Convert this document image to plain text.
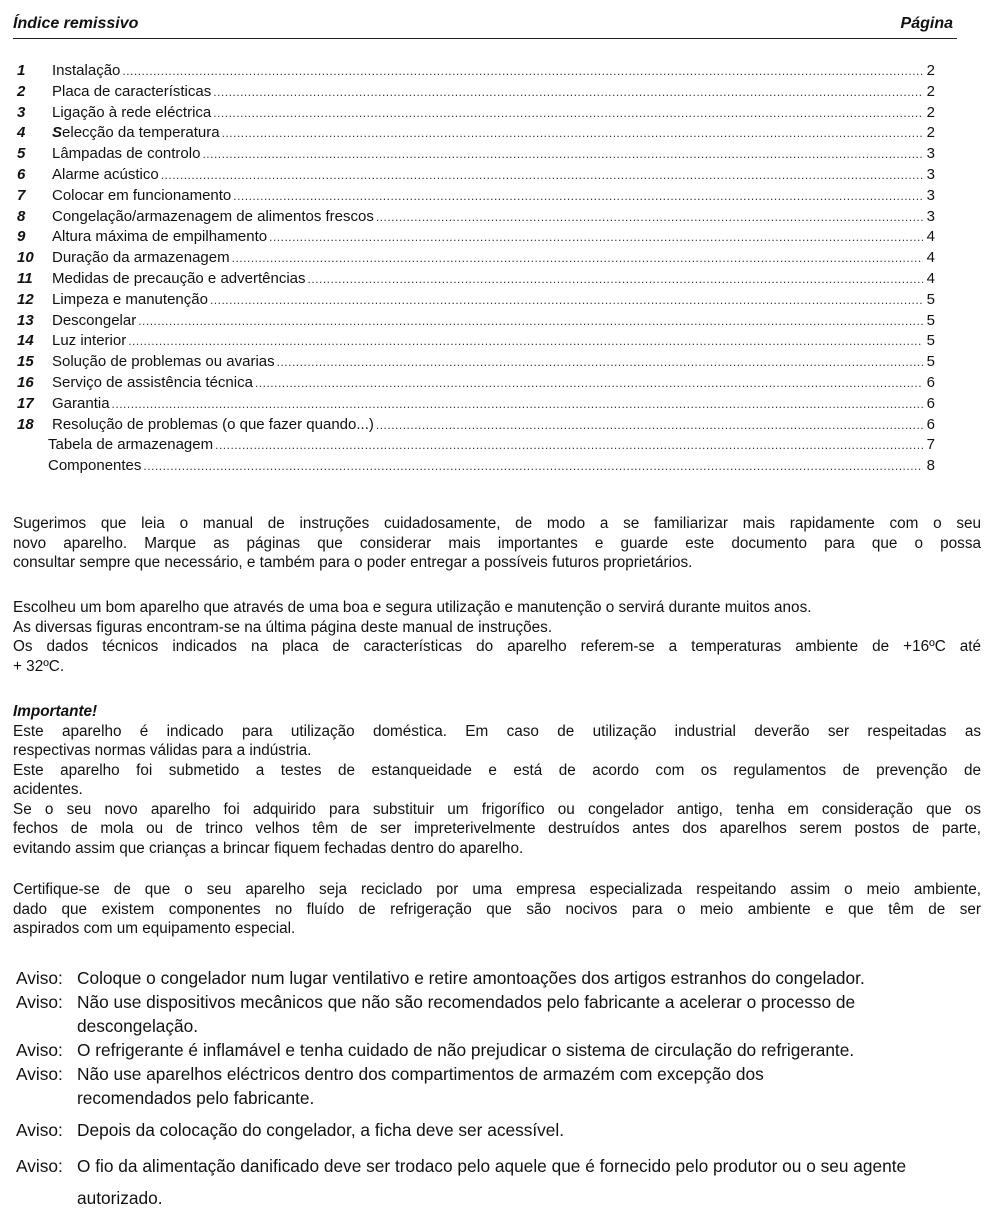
Índice remissivo	Página
1	Instalação .....	2
2	Placa de características .....	2
3	Ligação à rede eléctrica .....	2
4	Selecção da temperatura .....	2
5	Lâmpadas de controlo .....	3
6	Alarme acústico .....	3
7	Colocar em funcionamento .....	3
8	Congelação/armazenagem de alimentos frescos .....	3
9	Altura máxima de empilhamento .....	4
10	Duração da armazenagem .....	4
11	Medidas de precaução e advertências .....	4
12	Limpeza e manutenção .....	5
13	Descongelar .....	5
14	Luz interior .....	5
15	Solução de problemas ou avarias .....	5
16	Serviço de assistência técnica .....	6
17	Garantia .....	6
18	Resolução de problemas (o que fazer quando...) .....	6
Tabela de armazenagem .....	7
Componentes .....	8

Sugerimos que leia o manual de instruções cuidadosamente, de modo a se familiarizar mais rapidamente com o seu
novo aparelho. Marque as páginas que considerar mais importantes e guarde este documento para que o possa
consultar sempre que necessário, e também para o poder entregar a possíveis futuros proprietários.

Escolheu um bom aparelho que através de uma boa e segura utilização e manutenção o servirá durante muitos anos.
As diversas figuras encontram-se na última página deste manual de instruções.
Os dados técnicos indicados na placa de características do aparelho referem-se a temperaturas ambiente de +16ºC até
+ 32ºC.

Importante!
Este aparelho é indicado para utilização doméstica. Em caso de utilização industrial deverão ser respeitadas as
respectivas normas válidas para a indústria.
Este aparelho foi submetido a testes de estanqueidade e está de acordo com os regulamentos de prevenção de
acidentes.
Se o seu novo aparelho foi adquirido para substituir um frigorífico ou congelador antigo, tenha em consideração que os
fechos de mola ou de trinco velhos têm de ser impreterivelmente destruídos antes dos aparelhos serem postos de parte,
evitando assim que crianças a brincar fiquem fechadas dentro do aparelho.

Certifique-se de que o seu aparelho seja reciclado por uma empresa especializada respeitando assim o meio ambiente,
dado que existem componentes no fluído de refrigeração que são nocivos para o meio ambiente e que têm de ser
aspirados com um equipamento especial.

Aviso: Coloque o congelador num lugar ventilativo e retire amontoações dos artigos estranhos do congelador.
Aviso: Não use dispositivos mecânicos que não são recomendados pelo fabricante a acelerar o processo de descongelação.
Aviso: O refrigerante é inflamável e tenha cuidado de não prejudicar o sistema de circulação do refrigerante.
Aviso: Não use aparelhos eléctricos dentro dos compartimentos de armazém com excepção dos recomendados pelo fabricante.
Aviso: Depois da colocação do congelador, a ficha deve ser acessível.
Aviso: O fio da alimentação danificado deve ser trodaco pelo aquele que é fornecido pelo produtor ou o seu agente autorizado.
